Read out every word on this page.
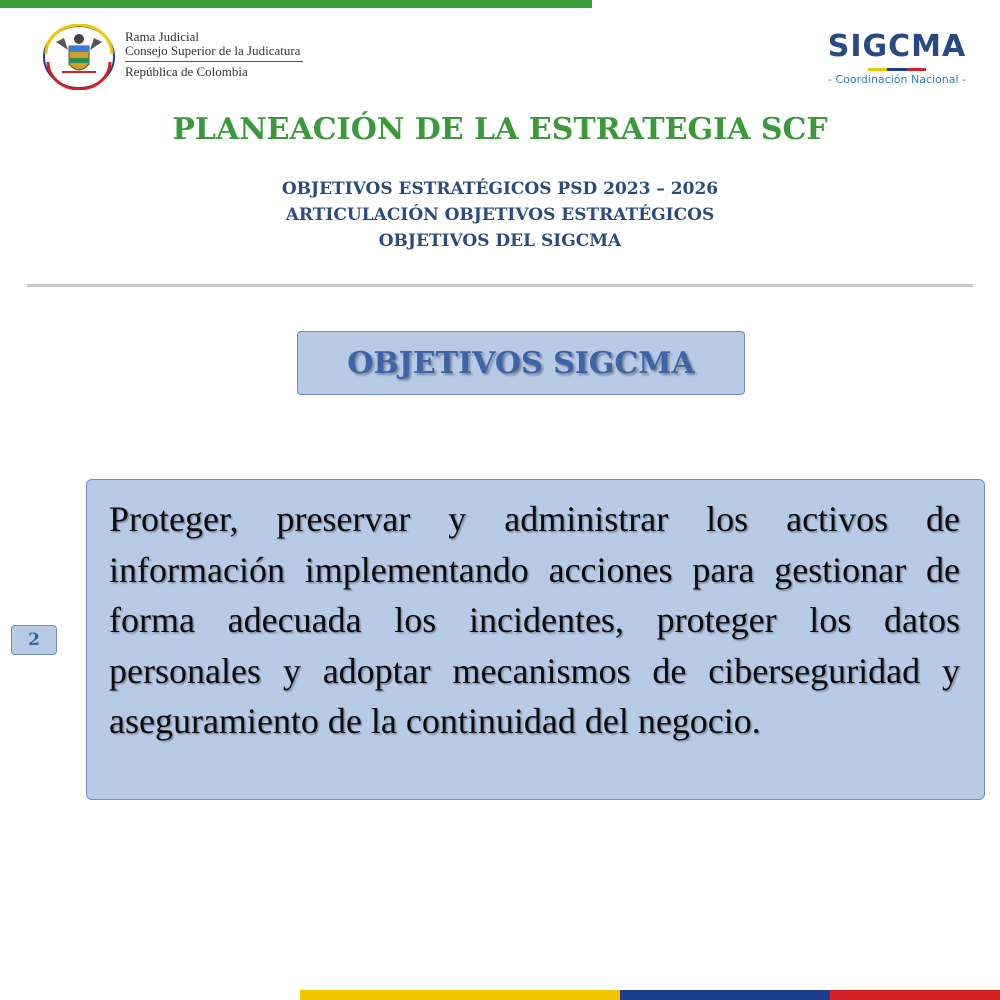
Rama Judicial
Consejo Superior de la Judicatura
República de Colombia
SIGCMA
- Coordinación Nacional -
PLANEACIÓN DE LA ESTRATEGIA SCF
OBJETIVOS ESTRATÉGICOS PSD 2023 – 2026
ARTICULACIÓN OBJETIVOS ESTRATÉGICOS
OBJETIVOS DEL SIGCMA
OBJETIVOS SIGCMA
2

Proteger, preservar y administrar los activos de información implementando acciones para gestionar de forma adecuada los incidentes, proteger los datos personales y adoptar mecanismos de ciberseguridad y aseguramiento de la continuidad del negocio.
